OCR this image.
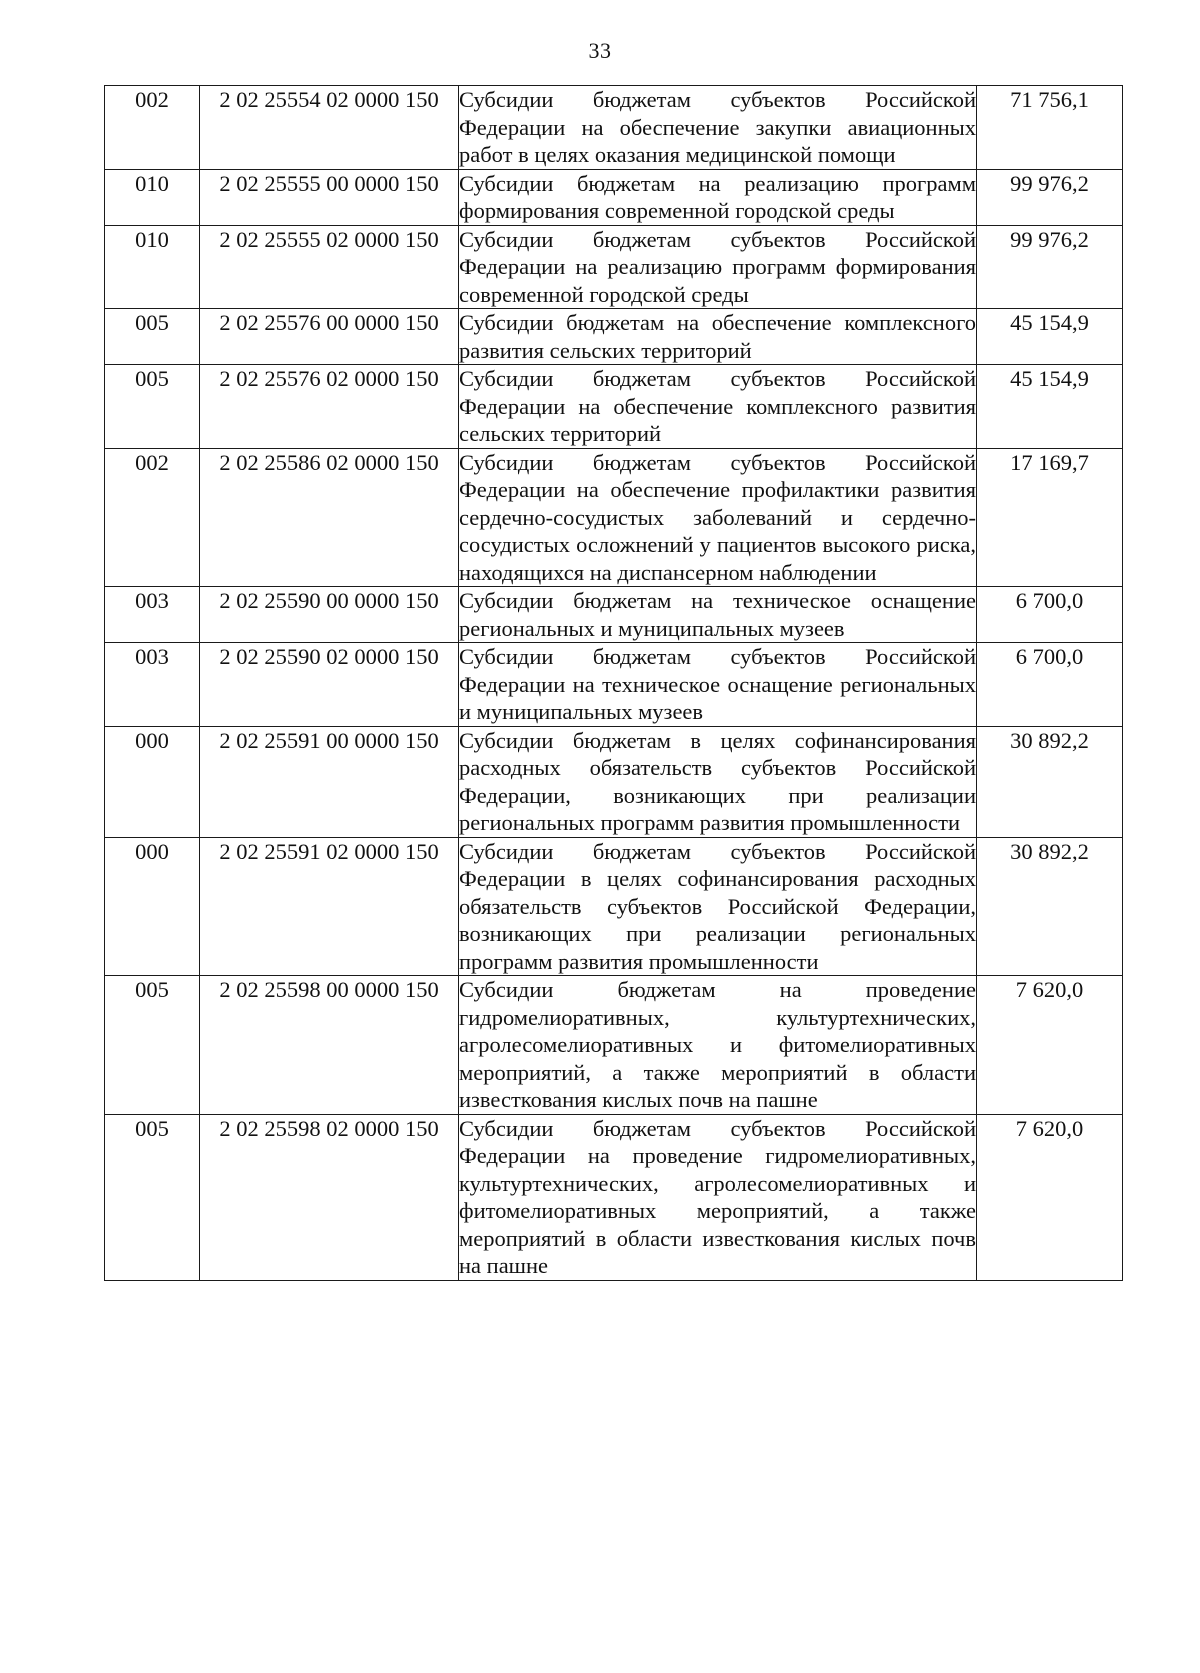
33
002	2 02 25554 02 0000 150	Субсидии бюджетам субъектов Российской Федерации на обеспечение закупки авиационных работ в целях оказания медицинской помощи	71 756,1
010	2 02 25555 00 0000 150	Субсидии бюджетам на реализацию программ формирования современной городской среды	99 976,2
010	2 02 25555 02 0000 150	Субсидии бюджетам субъектов Российской Федерации на реализацию программ формирования современной городской среды	99 976,2
005	2 02 25576 00 0000 150	Субсидии бюджетам на обеспечение комплексного развития сельских территорий	45 154,9
005	2 02 25576 02 0000 150	Субсидии бюджетам субъектов Российской Федерации на обеспечение комплексного развития сельских территорий	45 154,9
002	2 02 25586 02 0000 150	Субсидии бюджетам субъектов Российской Федерации на обеспечение профилактики развития сердечно-сосудистых заболеваний и сердечно-сосудистых осложнений у пациентов высокого риска, находящихся на диспансерном наблюдении	17 169,7
003	2 02 25590 00 0000 150	Субсидии бюджетам на техническое оснащение региональных и муниципальных музеев	6 700,0
003	2 02 25590 02 0000 150	Субсидии бюджетам субъектов Российской Федерации на техническое оснащение региональных и муниципальных музеев	6 700,0
000	2 02 25591 00 0000 150	Субсидии бюджетам в целях софинансирования расходных обязательств субъектов Российской Федерации, возникающих при реализации региональных программ развития промышленности	30 892,2
000	2 02 25591 02 0000 150	Субсидии бюджетам субъектов Российской Федерации в целях софинансирования расходных обязательств субъектов Российской Федерации, возникающих при реализации региональных программ развития промышленности	30 892,2
005	2 02 25598 00 0000 150	Субсидии бюджетам на проведение гидромелиоративных, культуртехнических, агролесомелиоративных и фитомелиоративных мероприятий, а также мероприятий в области известкования кислых почв на пашне	7 620,0
005	2 02 25598 02 0000 150	Субсидии бюджетам субъектов Российской Федерации на проведение гидромелиоративных, культуртехнических, агролесомелиоративных и фитомелиоративных мероприятий, а также мероприятий в области известкования кислых почв на пашне	7 620,0
